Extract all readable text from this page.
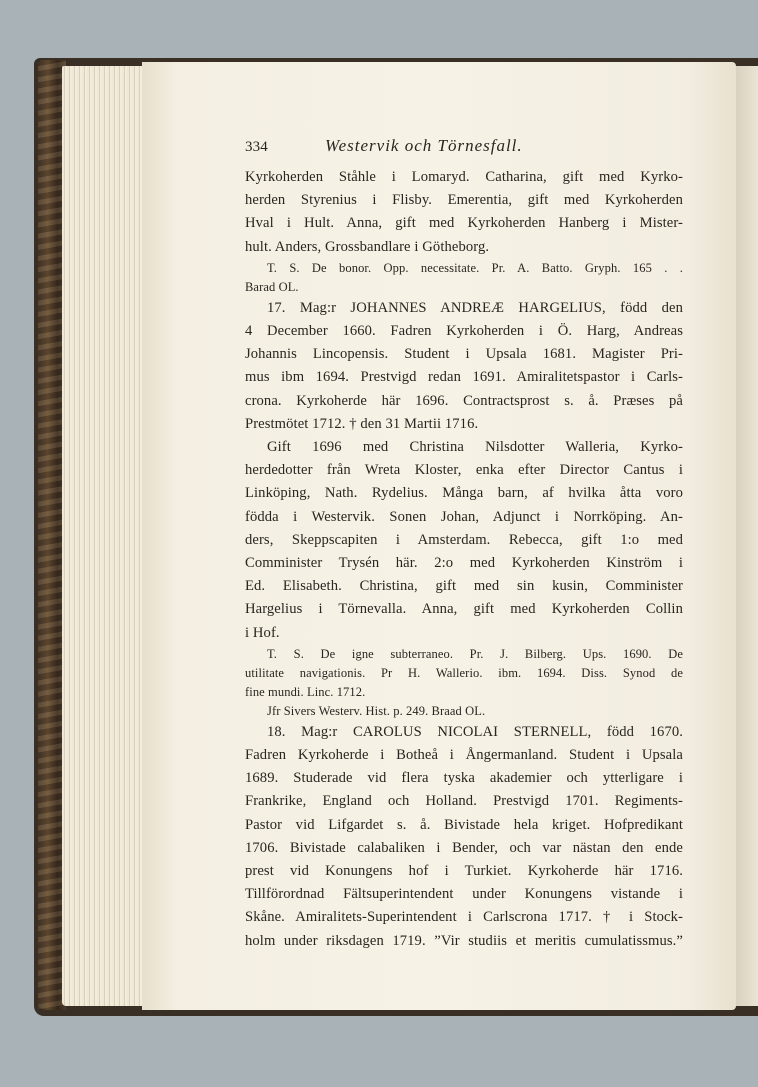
334	Westervik och Törnesfall.
Kyrkoherden Ståhle i Lomaryd. Catharina, gift med Kyrko-
herden Styrenius i Flisby. Emerentia, gift med Kyrkoherden
Hval i Hult. Anna, gift med Kyrkoherden Hanberg i Mister-
hult. Anders, Grossbandlare i Götheborg.
T. S. De bonor. Opp. necessitate. Pr. A. Batto. Gryph. 165 . .
Barad OL.
17. Mag:r JOHANNES ANDREÆ HARGELIUS, född den
4 December 1660. Fadren Kyrkoherden i Ö. Harg, Andreas
Johannis Lincopensis. Student i Upsala 1681. Magister Pri-
mus ibm 1694. Prestvigd redan 1691. Amiralitetspastor i Carls-
crona. Kyrkoherde här 1696. Contractsprost s. å. Præses på
Prestmötet 1712. † den 31 Martii 1716.
Gift 1696 med Christina Nilsdotter Walleria, Kyrko-
herdedotter från Wreta Kloster, enka efter Director Cantus i
Linköping, Nath. Rydelius. Många barn, af hvilka åtta voro
födda i Westervik. Sonen Johan, Adjunct i Norrköping. An-
ders, Skeppscapiten i Amsterdam. Rebecca, gift 1:o med
Comminister Trysén här. 2:o med Kyrkoherden Kinström i
Ed. Elisabeth. Christina, gift med sin kusin, Comminister
Hargelius i Törnevalla. Anna, gift med Kyrkoherden Collin
i Hof.
T. S. De igne subterraneo. Pr. J. Bilberg. Ups. 1690. De
utilitate navigationis. Pr H. Wallerio. ibm. 1694. Diss. Synod de
fine mundi. Linc. 1712.
Jfr Sivers Westerv. Hist. p. 249. Braad OL.
18. Mag:r CAROLUS NICOLAI STERNELL, född 1670.
Fadren Kyrkoherde i Botheå i Ångermanland. Student i Upsala
1689. Studerade vid flera tyska akademier och ytterligare i
Frankrike, England och Holland. Prestvigd 1701. Regiments-
Pastor vid Lifgardet s. å. Bivistade hela kriget. Hofpredikant
1706. Bivistade calabaliken i Bender, och var nästan den ende
prest vid Konungens hof i Turkiet. Kyrkoherde här 1716.
Tillförordnad Fältsuperintendent under Konungens vistande i
Skåne. Amiralitets-Superintendent i Carlscrona 1717. † i Stock-
holm under riksdagen 1719. ”Vir studiis et meritis cumulatissmus.”
